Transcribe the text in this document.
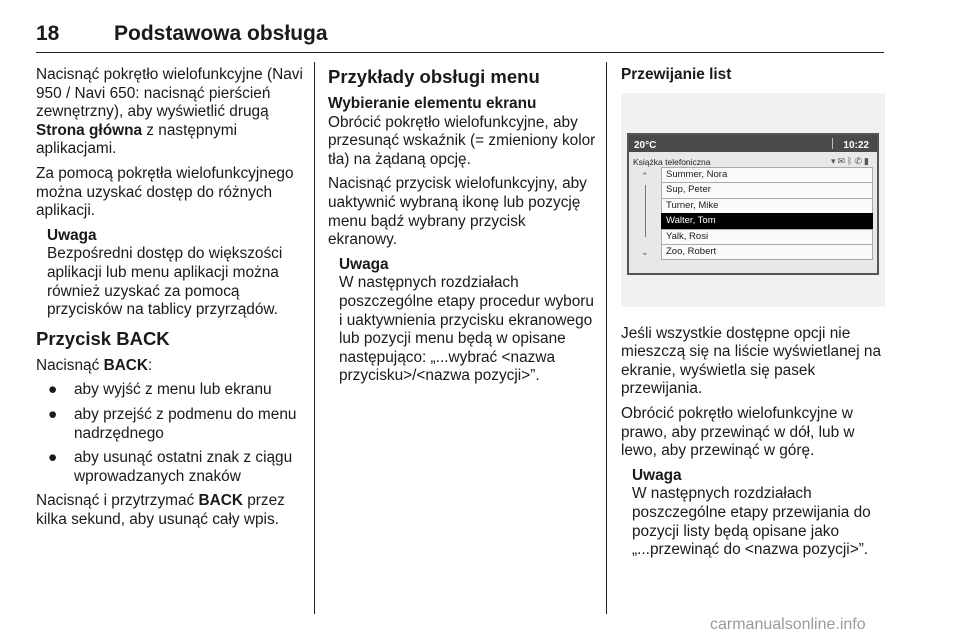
18	Podstawowa obsługa

Nacisnąć pokrętło wielofunkcyjne (Navi 950 / Navi 650: nacisnąć pierścień zewnętrzny), aby wyświetlić drugą Strona główna z następnymi aplikacjami.

Za pomocą pokrętła wielofunkcyjnego można uzyskać dostęp do różnych aplikacji.

Uwaga
Bezpośredni dostęp do większości aplikacji lub menu aplikacji można również uzyskać za pomocą przycisków na tablicy przyrządów.
Przycisk BACK

Nacisnąć BACK:

● aby wyjść z menu lub ekranu
● aby przejść z podmenu do menu nadrzędnego
● aby usunąć ostatni znak z ciągu wprowadzanych znaków

Nacisnąć i przytrzymać BACK przez kilka sekund, aby usunąć cały wpis.

Przykłady obsługi menu
Wybieranie elementu ekranu

Obrócić pokrętło wielofunkcyjne, aby przesunąć wskaźnik (= zmieniony kolor tła) na żądaną opcję.

Nacisnąć przycisk wielofunkcyjny, aby uaktywnić wybraną ikonę lub pozycję menu bądź wybrany przycisk ekranowy.

Uwaga
W następnych rozdziałach poszczególne etapy procedur wyboru i uaktywnienia przycisku ekranowego lub pozycji menu będą w opisane następująco: „...wybrać <nazwa przycisku>/<nazwa pozycji>”.
Przewijanie list
20°C	10:22
Książka telefoniczna	▾✉ᛒ✆▮
⌃
⌄
Summer, Nora
Sup, Peter
Turner, Mike
Walter, Tom
Yalk, Rosi
Zoo, Robert

Jeśli wszystkie dostępne opcji nie mieszczą się na liście wyświetlanej na ekranie, wyświetla się pasek przewijania.

Obrócić pokrętło wielofunkcyjne w prawo, aby przewinąć w dół, lub w lewo, aby przewinąć w górę.

Uwaga
W następnych rozdziałach poszczególne etapy przewijania do pozycji listy będą opisane jako „...przewinąć do <nazwa pozycji>”.
carmanualsonline.info
